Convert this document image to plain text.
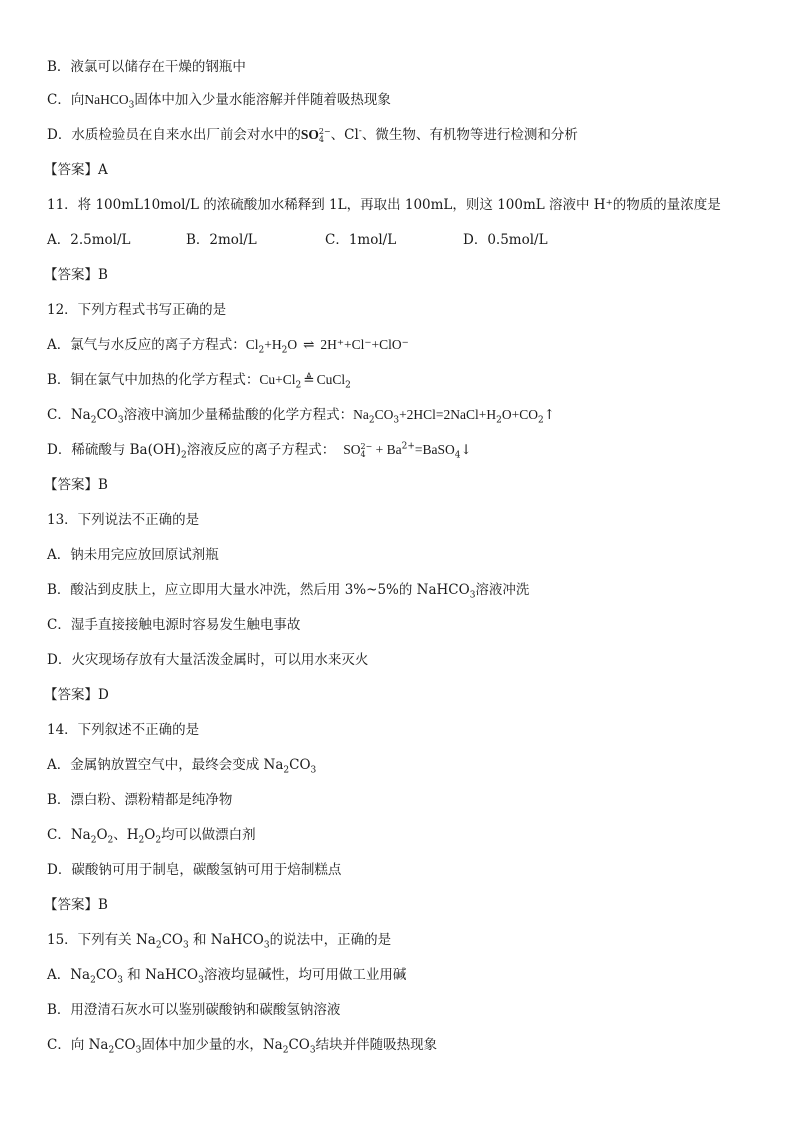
B．液氯可以储存在干燥的钢瓶中
C．向NaHCO$_3$固体中加入少量水能溶解并伴随着吸热现象
D．水质检验员在自来水出厂前会对水中的SO 2−
4 、Cl-、微生物、有机物等进行检测和分析
【答案】A
11．将 100mL10mol/L 的浓硫酸加水稀释到 1L，再取出 100mL，则这 100mL 溶液中 H⁺的物质的量浓度是
A．2.5mol/L	B．2mol/L	C．1mol/L	D．0.5mol/L
【答案】B
12．下列方程式书写正确的是
A．氯气与水反应的离子方程式：$Cl_2+H_2O$ ⇌ 2H⁺+Cl⁻+ClO⁻
B．铜在氯气中加热的化学方程式：$Cu+Cl_2$ ≜ CuCl$_2$
C．$Na_2CO_3$溶液中滴加少量稀盐酸的化学方程式：$Na_2CO_3+2HCl=2NaCl+H_2O+CO_2↑$
D．稀硫酸与 $Ba(OH)_2$溶液反应的离子方程式： SO 2−
$4 + Ba^{2+}=BaSO_4↓$
【答案】B
13．下列说法不正确的是
A．钠未用完应放回原试剂瓶
B．酸沾到皮肤上，应立即用大量水冲洗，然后用 3%~5%的 NaHCO$_3$溶液冲洗
C．湿手直接接触电源时容易发生触电事故
D．火灾现场存放有大量活泼金属时，可以用水来灭火
【答案】D
14．下列叙述不正确的是
A．金属钠放置空气中，最终会变成 $Na_2CO_3$
B．漂白粉、漂粉精都是纯净物
C．$Na_2O_2$、$H_2O_2$均可以做漂白剂
D．碳酸钠可用于制皂，碳酸氢钠可用于焙制糕点
【答案】B
15．下列有关 $Na_2CO_3$ 和 NaHCO$_3$的说法中，正确的是
A．$Na_2CO_3$ 和 NaHCO$_3$溶液均显碱性，均可用做工业用碱
B．用澄清石灰水可以鉴别碳酸钠和碳酸氢钠溶液
C．向 $Na_2CO_3$固体中加少量的水，$Na_2CO_3$结块并伴随吸热现象
